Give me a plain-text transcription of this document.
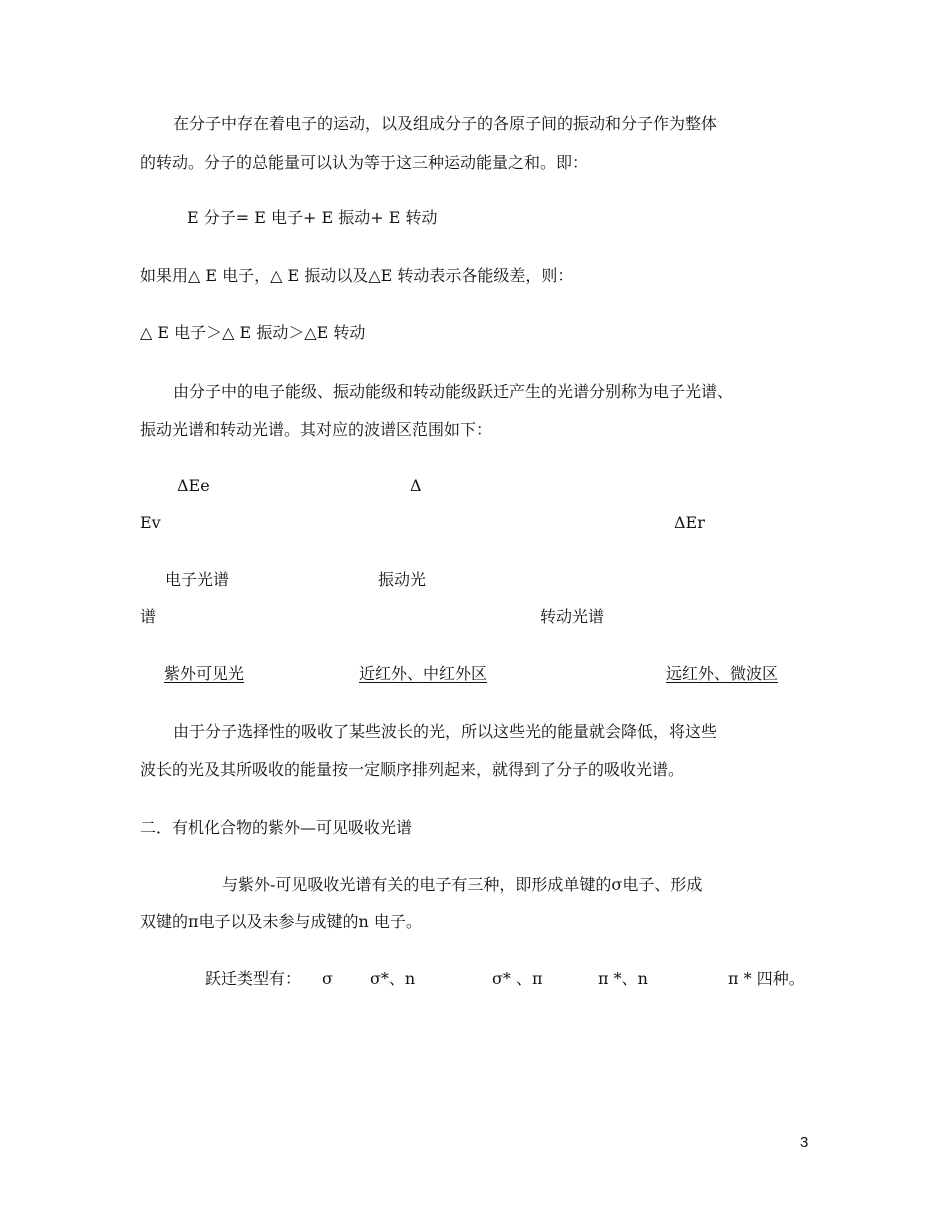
在分子中存在着电子的运动，以及组成分子的各原子间的振动和分子作为整体
的转动。分子的总能量可以认为等于这三种运动能量之和。即：
E 分子= E 电子+ E 振动+ E 转动
如果用△ E 电子，△ E 振动以及△E 转动表示各能级差，则：
△ E 电子＞△ E 振动＞△E 转动
由分子中的电子能级、振动能级和转动能级跃迁产生的光谱分别称为电子光谱、
振动光谱和转动光谱。其对应的波谱区范围如下：
ΔEe	Δ
Ev	ΔEr
电子光谱	振动光
谱	转动光谱
紫外可见光	近红外、中红外区	远红外、微波区
由于分子选择性的吸收了某些波长的光，所以这些光的能量就会降低，将这些
波长的光及其所吸收的能量按一定顺序排列起来，就得到了分子的吸收光谱。
二．有机化合物的紫外—可见吸收光谱
与紫外-可见吸收光谱有关的电子有三种，即形成单键的σ电子、形成
双键的π电子以及未参与成键的n 电子。
跃迁类型有： σ σ*、n	σ* 、π	π *、n	π * 四种。
3
